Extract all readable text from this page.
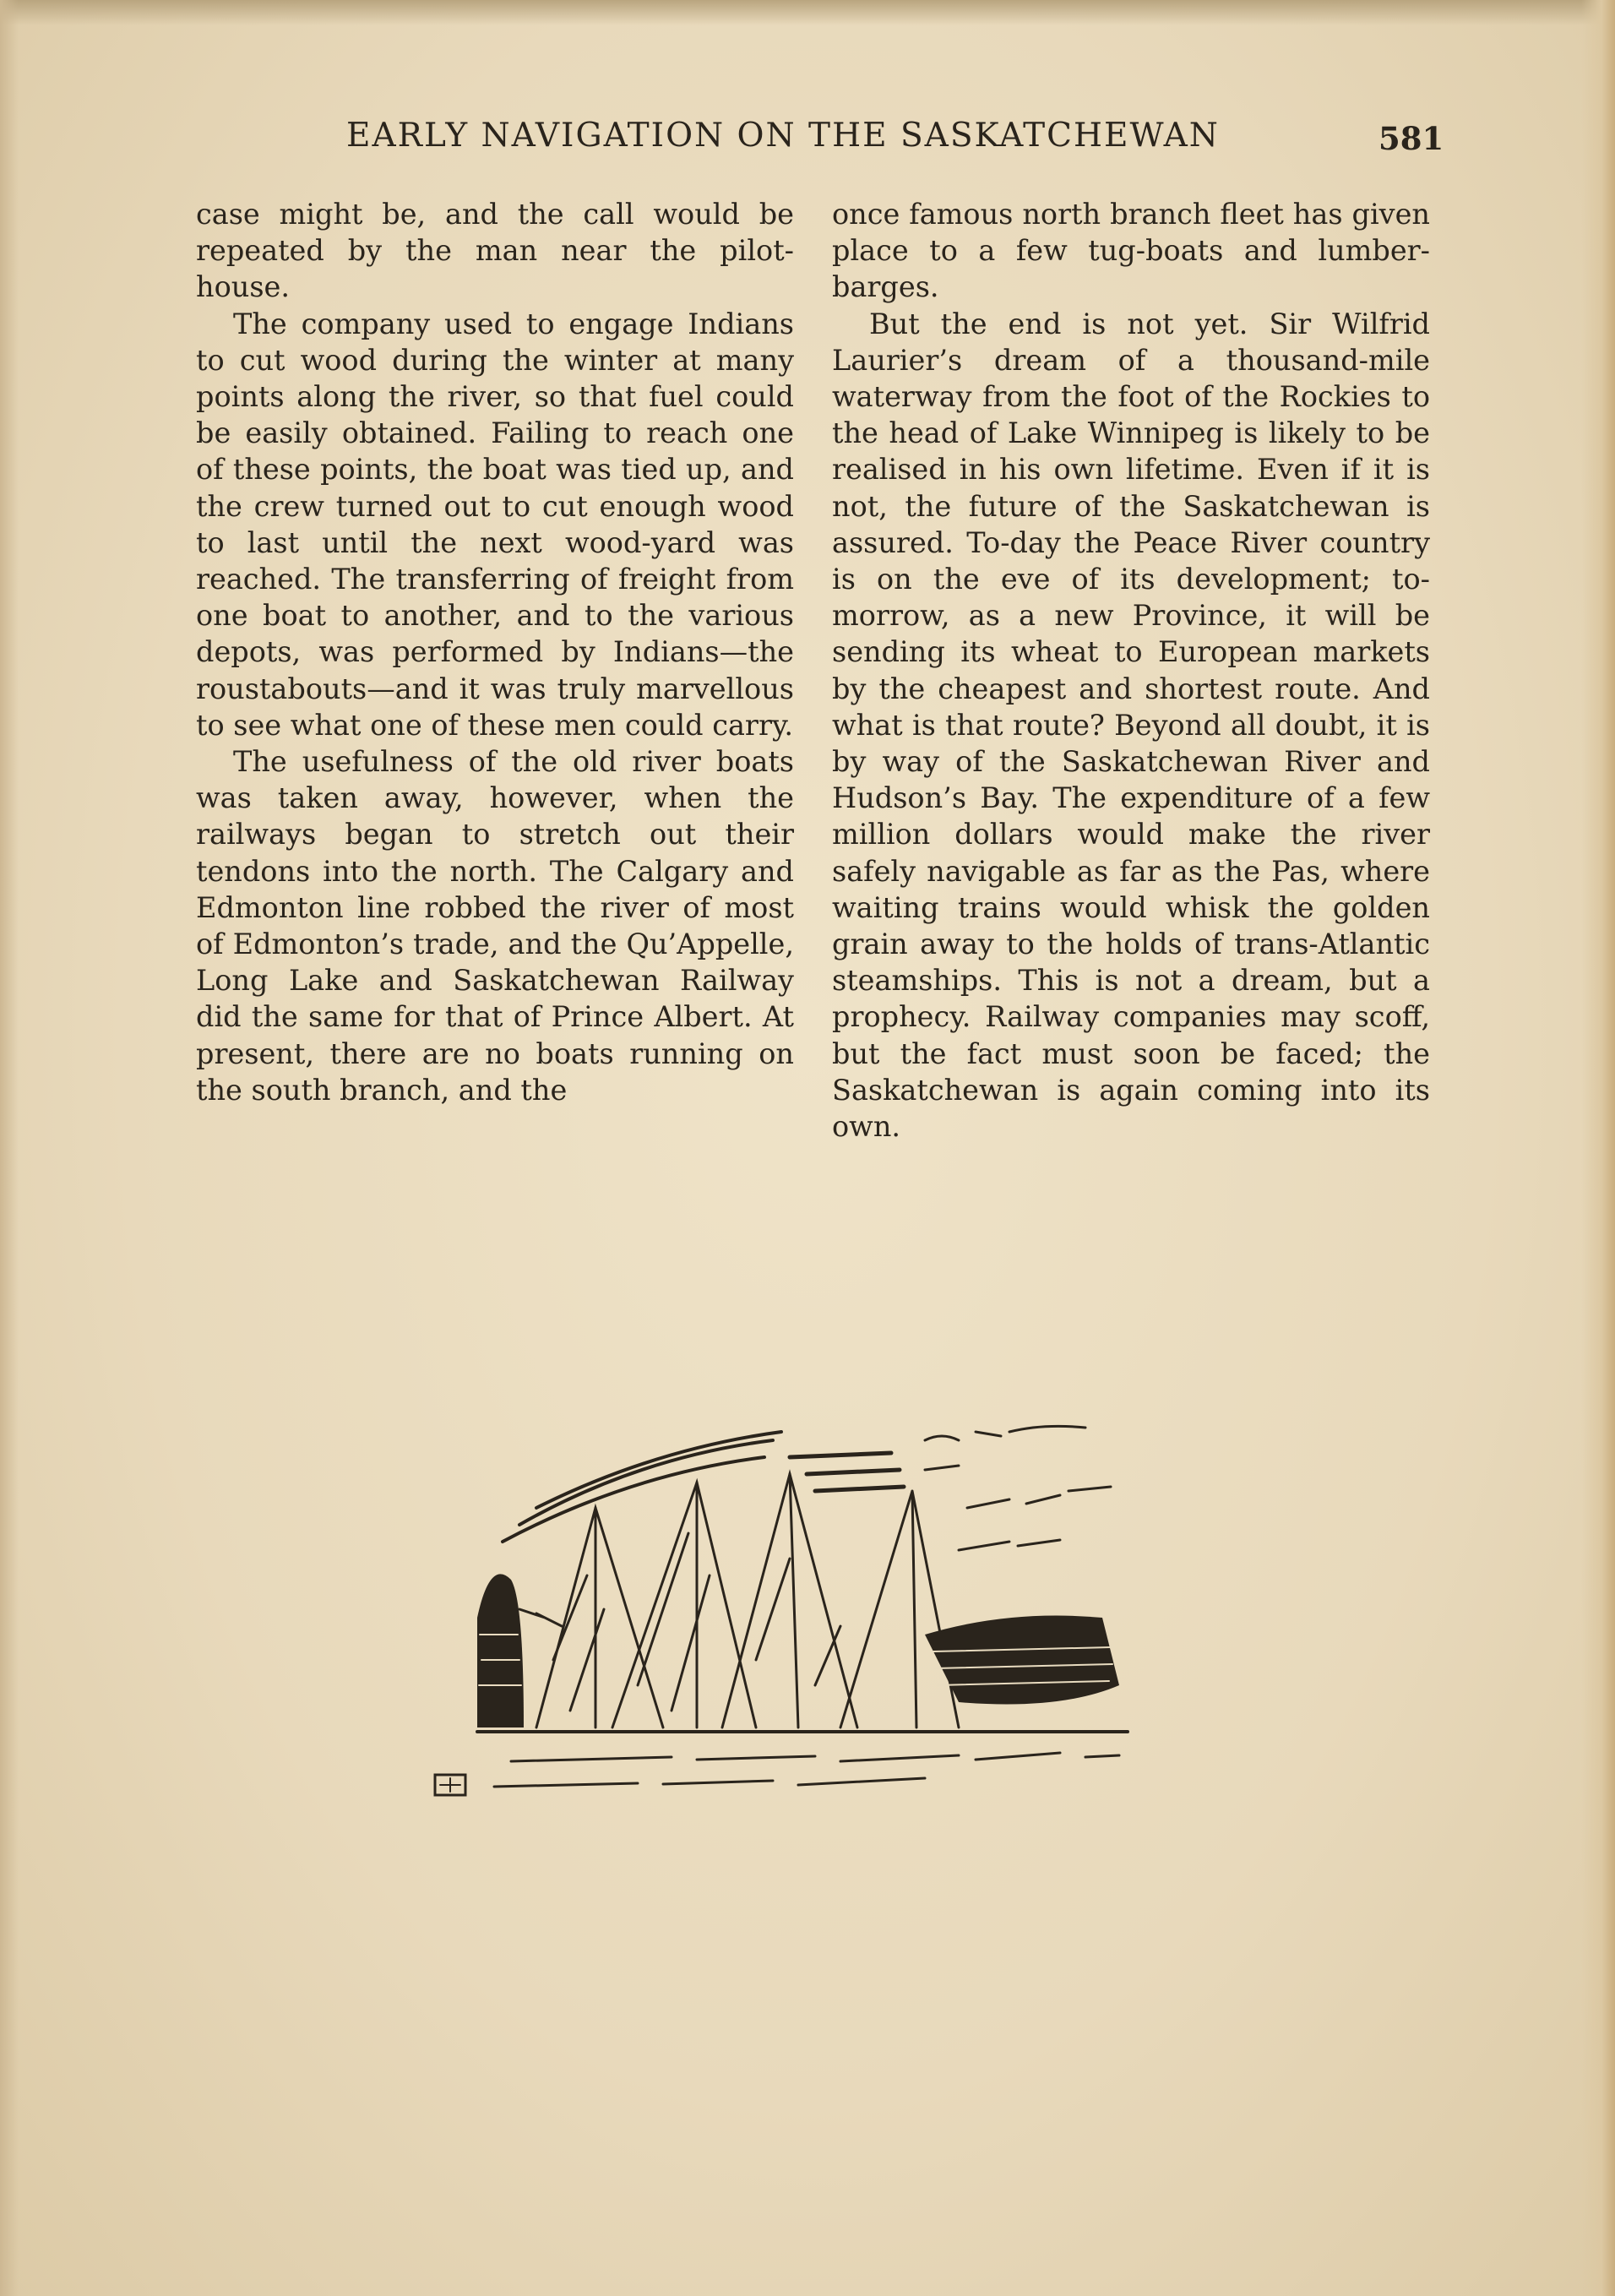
EARLY NAVIGATION ON THE SASKATCHEWAN	581

case might be, and the call would be repeated by the man near the pilot-house.

The company used to engage Indians to cut wood during the winter at many points along the river, so that fuel could be easily obtained. Failing to reach one of these points, the boat was tied up, and the crew turned out to cut enough wood to last until the next wood-yard was reached. The transferring of freight from one boat to another, and to the various depots, was performed by Indians—the roustabouts—and it was truly marvellous to see what one of these men could carry.

The usefulness of the old river boats was taken away, however, when the railways began to stretch out their tendons into the north. The Calgary and Edmonton line robbed the river of most of Edmonton’s trade, and the Qu’Appelle, Long Lake and Saskatchewan Railway did the same for that of Prince Albert. At present, there are no boats running on the south branch, and the

once famous north branch fleet has given place to a few tug-boats and lumber-barges.

But the end is not yet. Sir Wilfrid Laurier’s dream of a thousand-mile waterway from the foot of the Rockies to the head of Lake Winnipeg is likely to be realised in his own lifetime. Even if it is not, the future of the Saskatchewan is assured. To-day the Peace River country is on the eve of its development; to-morrow, as a new Province, it will be sending its wheat to European markets by the cheapest and shortest route. And what is that route? Beyond all doubt, it is by way of the Saskatchewan River and Hudson’s Bay. The expenditure of a few million dollars would make the river safely navigable as far as the Pas, where waiting trains would whisk the golden grain away to the holds of trans-Atlantic steamships. This is not a dream, but a prophecy. Railway companies may scoff, but the fact must soon be faced; the Saskatchewan is again coming into its own.
